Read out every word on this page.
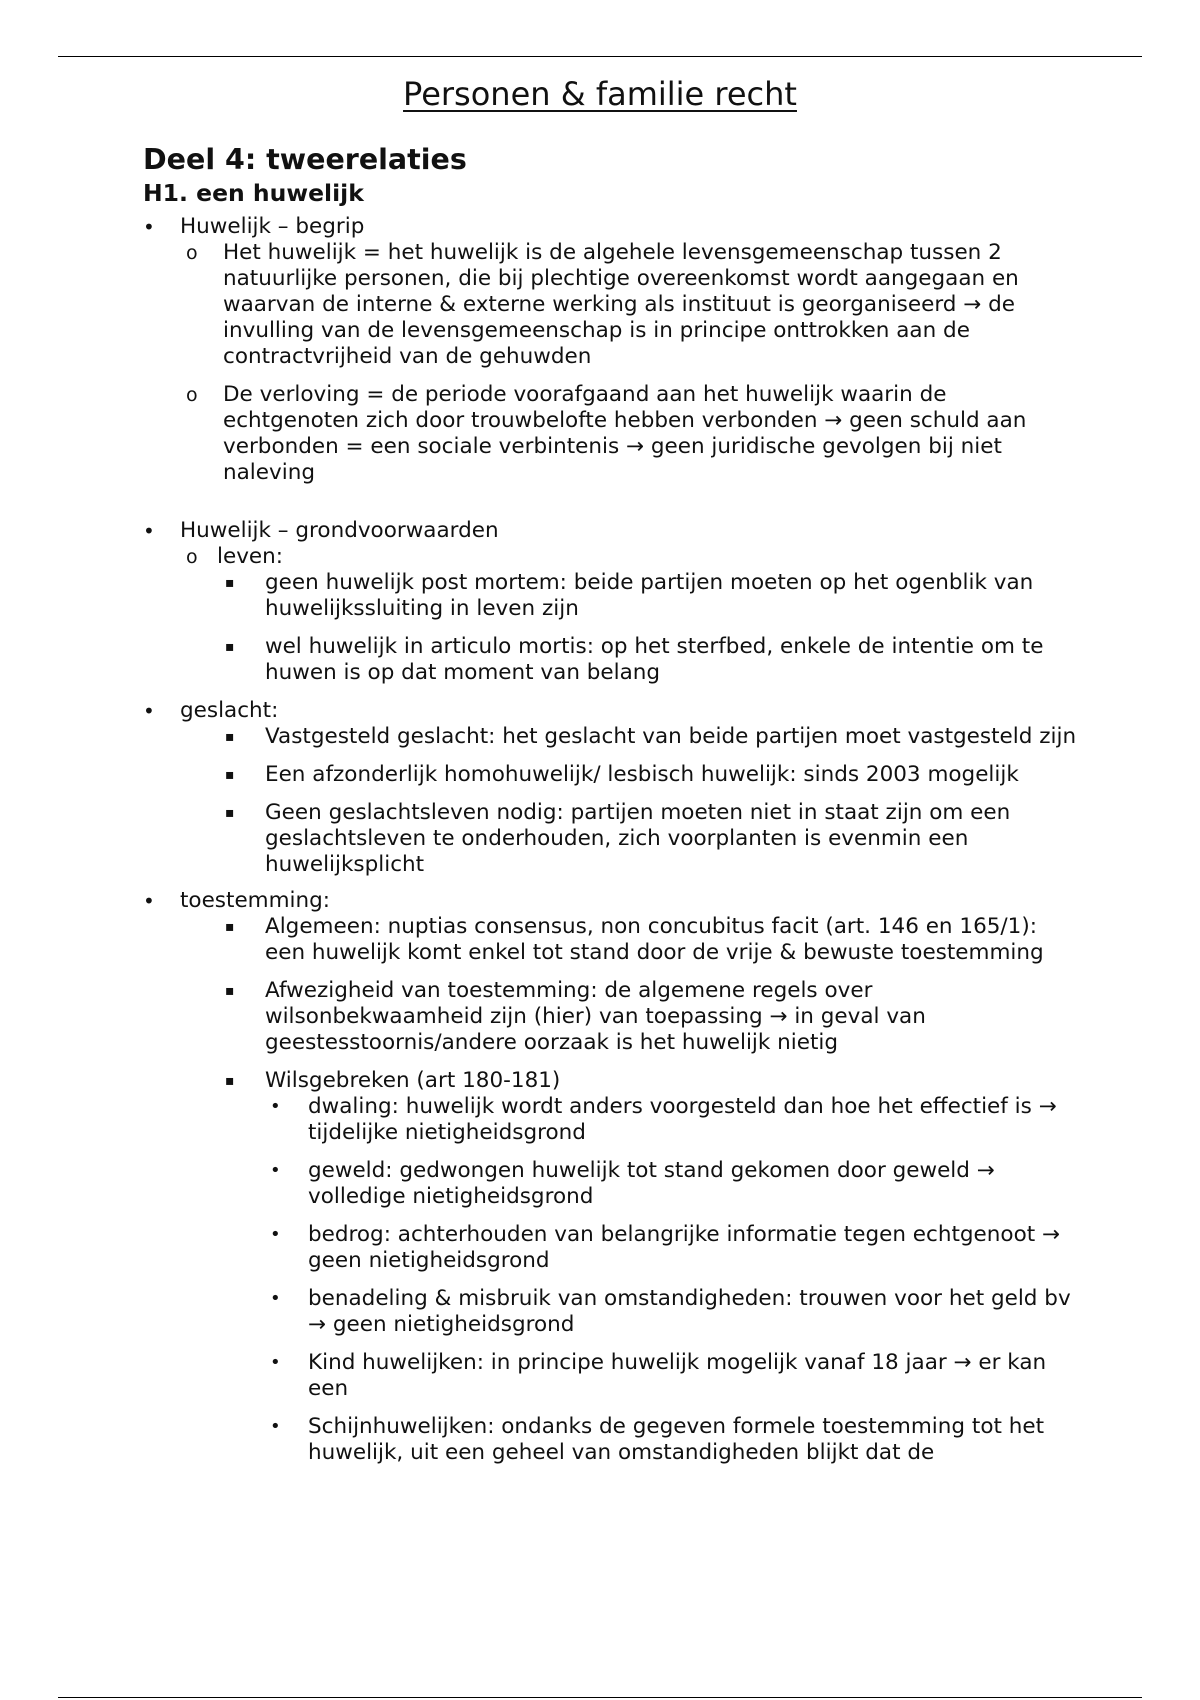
Personen & familie recht
Deel 4: tweerelaties
H1. een huwelijk
• Huwelijk – begrip
o Het huwelijk = het huwelijk is de algehele levensgemeenschap tussen 2 natuurlijke personen, die bij plechtige overeenkomst wordt aangegaan en waarvan de interne & externe werking als instituut is georganiseerd → de invulling van de levensgemeenschap is in principe onttrokken aan de contractvrijheid van de gehuwden
o De verloving = de periode voorafgaand aan het huwelijk waarin de echtgenoten zich door trouwbelofte hebben verbonden → geen schuld aan verbonden = een sociale verbintenis → geen juridische gevolgen bij niet naleving
• Huwelijk – grondvoorwaarden
o leven:
▪ geen huwelijk post mortem: beide partijen moeten op het ogenblik van huwelijkssluiting in leven zijn
▪ wel huwelijk in articulo mortis: op het sterfbed, enkele de intentie om te huwen is op dat moment van belang
• geslacht:
▪ Vastgesteld geslacht: het geslacht van beide partijen moet vastgesteld zijn
▪ Een afzonderlijk homohuwelijk/ lesbisch huwelijk: sinds 2003 mogelijk
▪ Geen geslachtsleven nodig: partijen moeten niet in staat zijn om een geslachtsleven te onderhouden, zich voorplanten is evenmin een huwelijksplicht
• toestemming:
▪ Algemeen: nuptias consensus, non concubitus facit (art. 146 en 165/1): een huwelijk komt enkel tot stand door de vrije & bewuste toestemming
▪ Afwezigheid van toestemming: de algemene regels over wilsonbekwaamheid zijn (hier) van toepassing → in geval van geestesstoornis/andere oorzaak is het huwelijk nietig
▪ Wilsgebreken (art 180-181)
• dwaling: huwelijk wordt anders voorgesteld dan hoe het effectief is → tijdelijke nietigheidsgrond
• geweld: gedwongen huwelijk tot stand gekomen door geweld → volledige nietigheidsgrond
• bedrog: achterhouden van belangrijke informatie tegen echtgenoot → geen nietigheidsgrond
• benadeling & misbruik van omstandigheden: trouwen voor het geld bv → geen nietigheidsgrond
• Kind huwelijken: in principe huwelijk mogelijk vanaf 18 jaar → er kan een
• Schijnhuwelijken: ondanks de gegeven formele toestemming tot het huwelijk, uit een geheel van omstandigheden blijkt dat de
